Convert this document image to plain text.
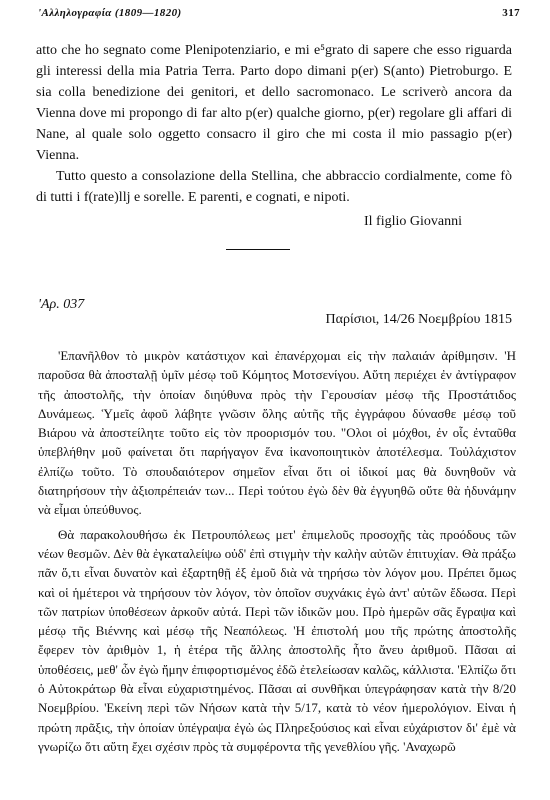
'Αλληλογραφία (1809—1820)	317

atto che ho segnato come Plenipotenziario, e mi e⁵grato di sapere che esso riguarda gli interessi della mia Patria Terra. Parto dopo dimani p(er) S(anto) Pietroburgo. E sia colla benedizione dei genitori, et dello sacromonaco. Le scriverò ancora da Vienna dove mi propongo di far alto p(er) qualche giorno, p(er) regolare gli affari di Nane, al quale solo oggetto consacro il giro che mi costa il mio passagio p(er) Vienna.

Tutto questo a consolazione della Stellina, che abbraccio cordialmente, come fò di tutti i f(rate)llj e sorelle. E parenti, e cognati, e nipoti.

Il figlio Giovanni

'Αρ. 037
Παρίσιοι, 14/26 Νοεμβρίου 1815

'Επανῆλθον τὸ μικρὸν κατάστιχον καὶ ἐπανέρχομαι εἰς τὴν παλαιάν ἀρίθμησιν. 'Η παροῦσα θὰ ἀποσταλῇ ὑμῖν μέσῳ τοῦ Κόμητος Μοτσενίγου. Αὕτη περιέχει ἐν ἀντίγραφον τῆς ἀποστολῆς, τὴν ὁποίαν διηύθυνα πρὸς τὴν Γερουσίαν μέσῳ τῆς Προστάτιδος Δυνάμεως. Ὑμεῖς ἀφοῦ λάβητε γνῶσιν ὅλης αὐτῆς τῆς ἐγγράφου δύνασθε μέσῳ τοῦ Βιάρου νὰ ἀποστείλητε τοῦτο εἰς τὸν προορισμόν του. "Ολοι οἱ μόχθοι, ἐν οἷς ἐνταῦθα ὑπεβλήθην μοῦ φαίνεται ὅτι παρήγαγον ἕνα ἱκανοποιητικὸν ἀποτέλεσμα. Τοὐλάχιστον ἐλπίζω τοῦτο. Τὸ σπουδαιότερον σημεῖον εἶναι ὅτι οἱ ἰδικοί μας θὰ δυνηθοῦν νὰ διατηρήσουν τὴν ἀξιοπρέπειάν των... Περὶ τούτου ἐγὼ δὲν θὰ ἐγγυηθῶ οὔτε θὰ ἠδυνάμην νὰ εἶμαι ὑπεύθυνος.

Θὰ παρακολουθήσω ἐκ Πετρουπόλεως μετ' ἐπιμελοῦς προσοχῆς τὰς προόδους τῶν νέων θεσμῶν. Δὲν θὰ ἐγκαταλείψω οὐδ' ἐπὶ στιγμὴν τὴν καλὴν αὐτῶν ἐπιτυχίαν. Θὰ πράξω πᾶν ὅ,τι εἶναι δυνατὸν καὶ ἐξαρτηθῇ ἐξ ἐμοῦ διὰ νὰ τηρήσω τὸν λόγον μου. Πρέπει ὅμως καὶ οἱ ἡμέτεροι νὰ τηρήσουν τὸν λόγον, τὸν ὁποῖον συχνάκις ἐγὼ ἀντ' αὐτῶν ἔδωσα. Περὶ τῶν πατρίων ὑποθέσεων ἀρκοῦν αὐτά. Περὶ τῶν ἰδικῶν μου. Πρὸ ἡμερῶν σᾶς ἔγραψα καὶ μέσῳ τῆς Βιέννης καὶ μέσῳ τῆς Νεαπόλεως. 'Η ἐπιστολή μου τῆς πρώτης ἀποστολῆς ἔφερεν τὸν ἀριθμὸν 1, ἡ ἑτέρα τῆς ἄλλης ἀποστολῆς ἦτο ἄνευ ἀριθμοῦ. Πᾶσαι αἱ ὑποθέσεις, μεθ' ὧν ἐγὼ ἤμην ἐπιφορτισμένος ἐδῶ ἐτελείωσαν καλῶς, κάλλιστα. 'Ελπίζω ὅτι ὁ Αὐτοκράτωρ θὰ εἶναι εὐχαριστημένος. Πᾶσαι αἱ συνθῆκαι ὑπεγράφησαν κατὰ τὴν 8/20 Νοεμβρίου. 'Εκείνη περὶ τῶν Νήσων κατὰ τὴν 5/17, κατὰ τὸ νέον ἡμερολόγιον. Εἰναι ἡ πρώτη πρᾶξις, τὴν ὁποίαν ὑπέγραψα ἐγὼ ὡς Πληρεξούσιος καὶ εἶναι εὐχάριστον δι' ἐμὲ νὰ γνωρίζω ὅτι αὕτη ἔχει σχέσιν πρὸς τὰ συμφέροντα τῆς γενεθλίου γῆς. 'Αναχωρῶ
